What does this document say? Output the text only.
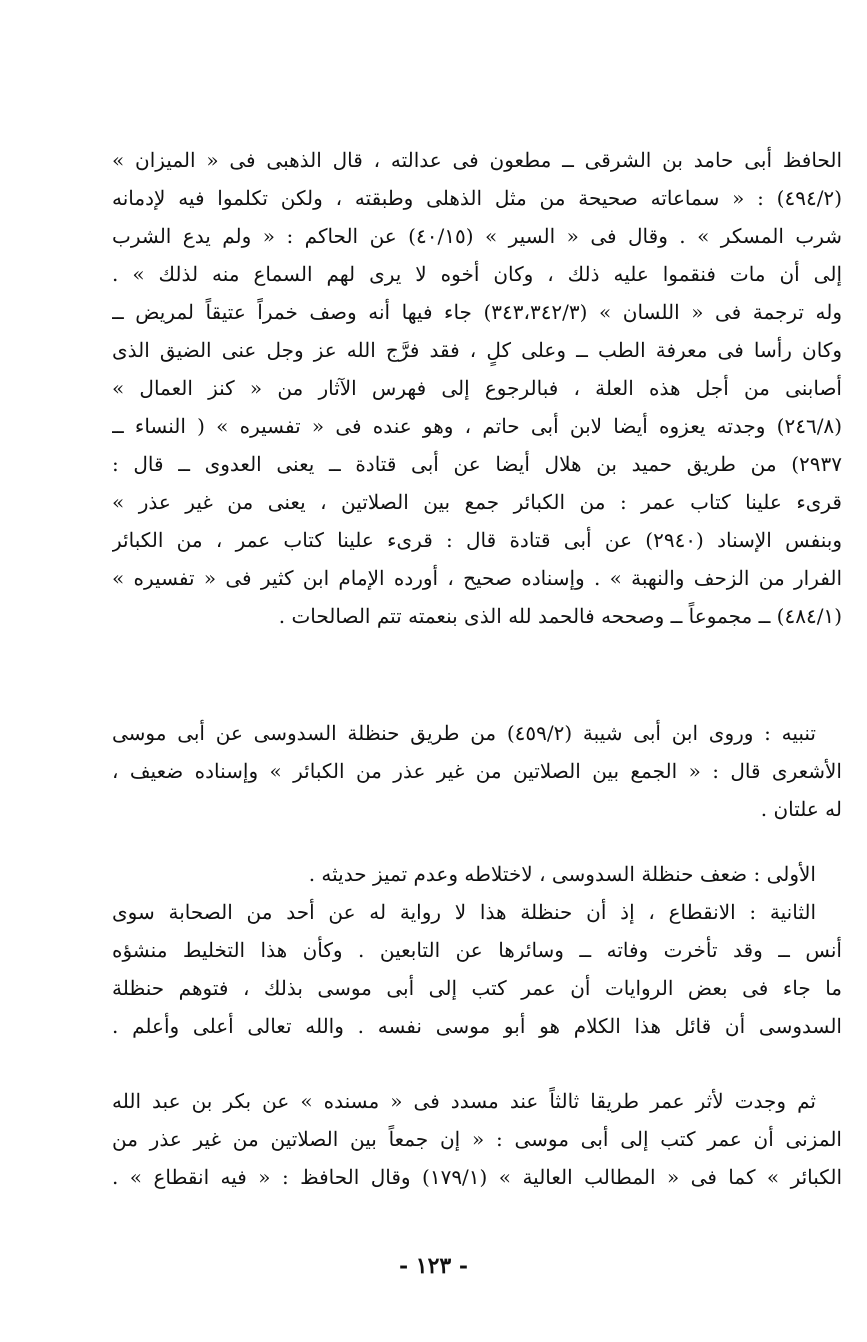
الحافظ أبى حامد بن الشرقى ــ مطعون فى عدالته ، قال الذهبى فى « الميزان »
(٤٩٤/٢) : « سماعاته صحيحة من مثل الذهلى وطبقته ، ولكن تكلموا فيه لإدمانه
شرب المسكر » . وقال فى « السير » (٤٠/١٥) عن الحاكم : « ولم يدع الشرب
إلى أن مات فنقموا عليه ذلك ، وكان أخوه لا يرى لهم السماع منه لذلك » .
وله ترجمة فى « اللسان » (٣٤٣،٣٤٢/٣) جاء فيها أنه وصف خمراً عتيقاً لمريض ــ
وكان رأسا فى معرفة الطب ــ وعلى كلٍ ، فقد فرَّج الله عز وجل عنى الضيق الذى
أصابنى من أجل هذه العلة ، فبالرجوع إلى فهرس الآثار من « كنز العمال »
(٢٤٦/٨) وجدته يعزوه أيضا لابن أبى حاتم ، وهو عنده فى « تفسيره » ( النساء ــ
٢٩٣٧) من طريق حميد بن هلال أيضا عن أبى قتادة ــ يعنى العدوى ــ قال :
قرىء علينا كتاب عمر : من الكبائر جمع بين الصلاتين ، يعنى من غير عذر »
وبنفس الإسناد (٢٩٤٠) عن أبى قتادة قال : قرىء علينا كتاب عمر ، من الكبائر
الفرار من الزحف والنهبة » . وإسناده صحيح ، أورده الإمام ابن كثير فى « تفسيره »
(٤٨٤/١) ــ مجموعاً ــ وصححه فالحمد لله الذى بنعمته تتم الصالحات .
تنبيه : وروى ابن أبى شيبة (٤٥٩/٢) من طريق حنظلة السدوسى عن أبى موسى
الأشعرى قال : « الجمع بين الصلاتين من غير عذر من الكبائر » وإسناده ضعيف ،
له علتان .
الأولى : ضعف حنظلة السدوسى ، لاختلاطه وعدم تميز حديثه .
الثانية : الانقطاع ، إذ أن حنظلة هذا لا رواية له عن أحد من الصحابة سوى
أنس ــ وقد تأخرت وفاته ــ وسائرها عن التابعين . وكأن هذا التخليط منشؤه
ما جاء فى بعض الروايات أن عمر كتب إلى أبى موسى بذلك ، فتوهم حنظلة
السدوسى أن قائل هذا الكلام هو أبو موسى نفسه . والله تعالى أعلى وأعلم .
ثم وجدت لأثر عمر طريقا ثالثاً عند مسدد فى « مسنده » عن بكر بن عبد الله
المزنى أن عمر كتب إلى أبى موسى : « إن جمعاً بين الصلاتين من غير عذر من
الكبائر » كما فى « المطالب العالية » (١٧٩/١) وقال الحافظ : « فيه انقطاع » .
- ١٢٣ -
